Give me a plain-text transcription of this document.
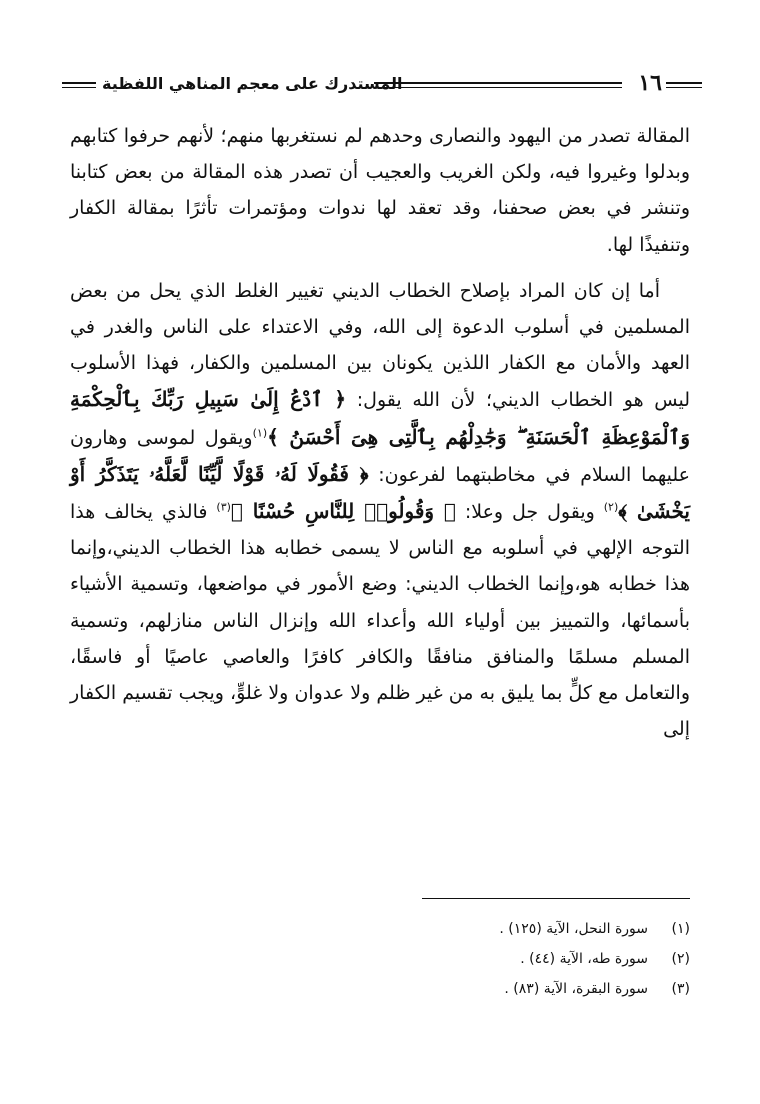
١٦
المستدرك على معجم المناهي اللفظية

المقالة تصدر من اليهود والنصارى وحدهم لم نستغربها منهم؛ لأنهم حرفوا كتابهم وبدلوا وغيروا فيه، ولكن الغريب والعجيب أن تصدر هذه المقالة من بعض كتابنا وتنشر في بعض صحفنا، وقد تعقد لها ندوات ومؤتمرات تأثرًا بمقالة الكفار وتنفيذًا لها.

أما إن كان المراد بإصلاح الخطاب الديني تغيير الغلط الذي يحل من بعض المسلمين في أسلوب الدعوة إلى الله، وفي الاعتداء على الناس والغدر في العهد والأمان مع الكفار اللذين يكونان بين المسلمين والكفار، فهذا الأسلوب ليس هو الخطاب الديني؛ لأن الله يقول: ﴿ ٱدْعُ إِلَىٰ سَبِيلِ رَبِّكَ بِٱلْحِكْمَةِ وَٱلْمَوْعِظَةِ ٱلْحَسَنَةِ ۖ وَجَٰدِلْهُم بِٱلَّتِى هِىَ أَحْسَنُ ﴾$^{(١)}$ويقول لموسى وهارون عليهما السلام في مخاطبتهما لفرعون: ﴿ فَقُولَا لَهُۥ قَوْلًا لَّيِّنًا لَّعَلَّهُۥ يَتَذَكَّرُ أَوْ يَخْشَىٰ ﴾$^{(٢)}$ ويقول جل وعلا: ﴿ وَقُولُوا۟ لِلنَّاسِ حُسْنًا ﴾$^{(٣)}$ فالذي يخالف هذا التوجه الإلهي في أسلوبه مع الناس لا يسمى خطابه هذا الخطاب الديني،وإنما هذا خطابه هو،وإنما الخطاب الديني: وضع الأمور في مواضعها، وتسمية الأشياء بأسمائها، والتمييز بين أولياء الله وأعداء الله وإنزال الناس منازلهم، وتسمية المسلم مسلمًا والمنافق منافقًا والكافر كافرًا والعاصي عاصيًا أو فاسقًا، والتعامل مع كلٍّ بما يليق به من غير ظلم ولا عدوان ولا غلوٍّ، ويجب تقسيم الكفار إلى

(١)سورة النحل، الآية (١٢٥) .
(٢)سورة طه، الآية (٤٤) .
(٣)سورة البقرة، الآية (٨٣) .
